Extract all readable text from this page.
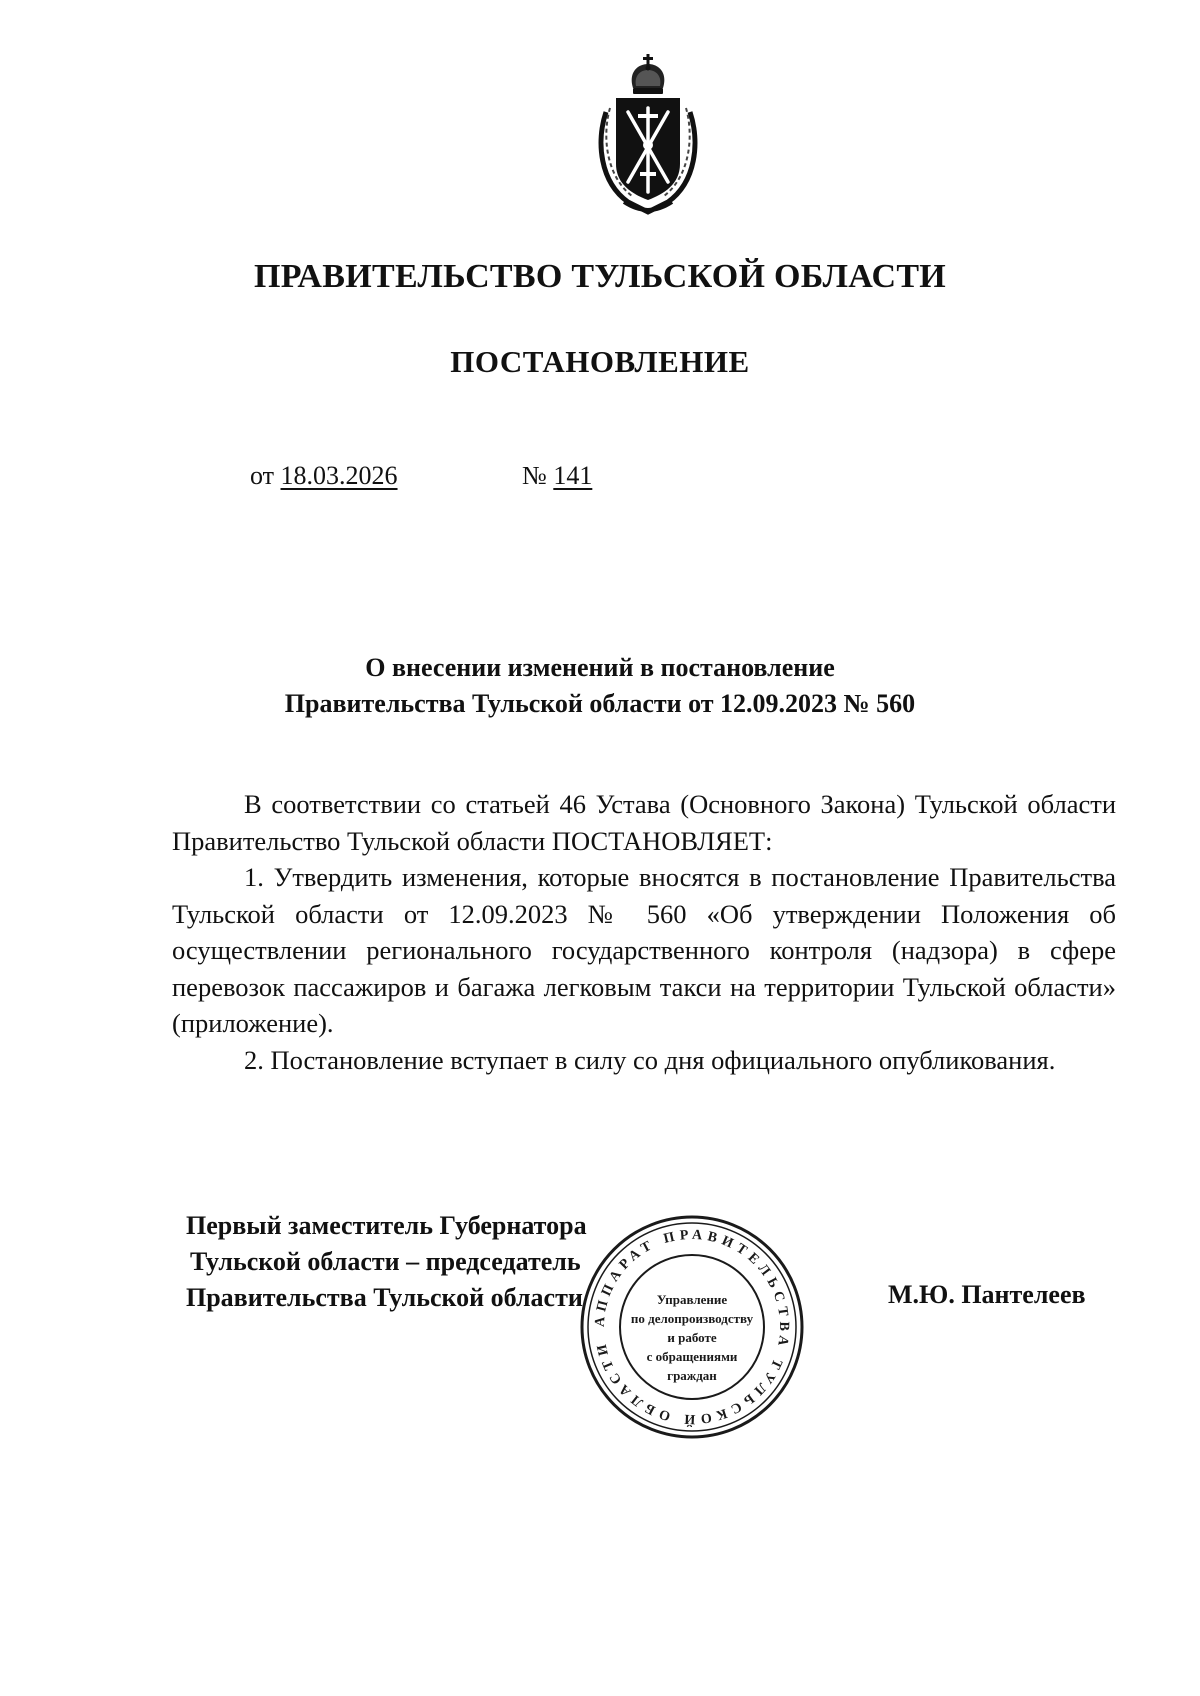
ПРАВИТЕЛЬСТВО ТУЛЬСКОЙ ОБЛАСТИ
ПОСТАНОВЛЕНИЕ
от 18.03.2026	№ 141
О внесении изменений в постановление
Правительства Тульской области от 12.09.2023 № 560

В соответствии со статьей 46 Устава (Основного Закона) Тульской области Правительство Тульской области ПОСТАНОВЛЯЕТ:

1. Утвердить изменения, которые вносятся в постановление Правительства Тульской области от 12.09.2023 № 560 «Об утверждении Положения об осуществлении регионального государственного контроля (надзора) в сфере перевозок пассажиров и багажа легковым такси на территории Тульской области» (приложение).

2. Постановление вступает в силу со дня официального опубликования.

Первый заместитель Губернатора
Тульской области – председатель
Правительства Тульской области	М.Ю. Пантелеев
АППАРАТ ПРАВИТЕЛЬСТВА ТУЛЬСКОЙ ОБЛАСТИ
Управление
по делопроизводству
и работе
с обращениями
граждан
